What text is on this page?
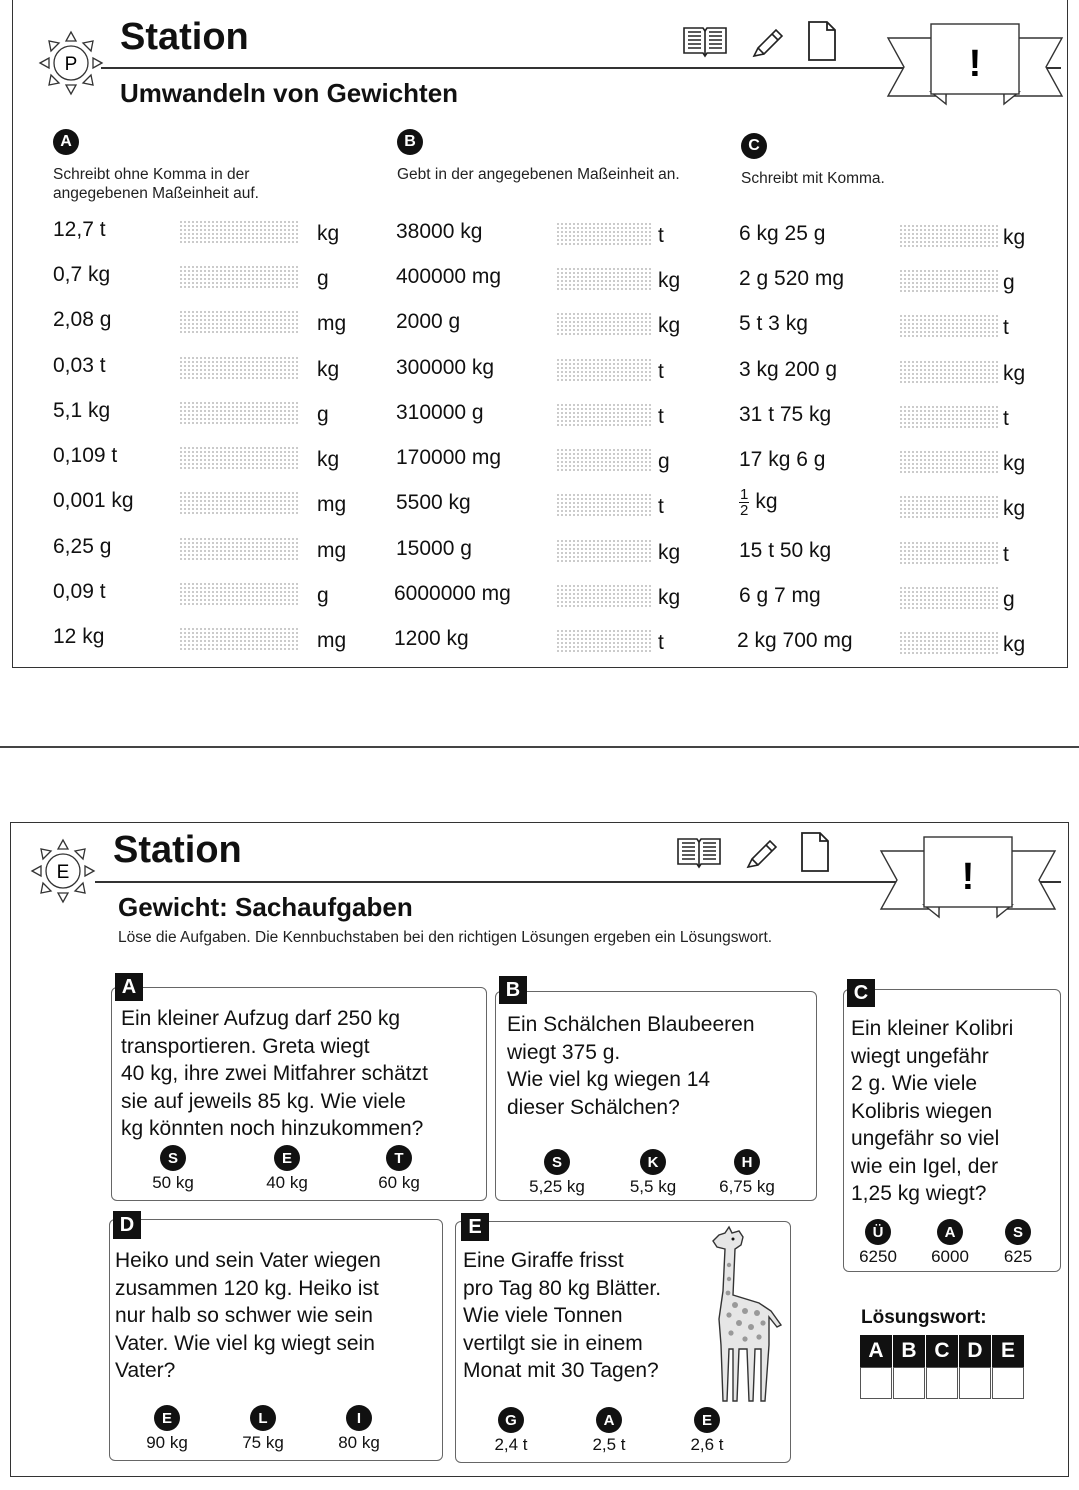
P
Station
Umwandeln von Gewichten
!
A
Schreibt ohne Komma in der
angegebenen Maßeinheit auf.
B
Gebt in der angegebenen Maßeinheit an.
C
Schreibt mit Komma.
12,7 t	kg
0,7 kg	g
2,08 g	mg
0,03 t	kg
5,1 kg	g
0,109 t	kg
0,001 kg	mg
6,25 g	mg
0,09 t	g
12 kg	mg
38000 kg	t
400000 mg	kg
2000 g	kg
300000 kg	t
310000 g	t
170000 mg	g
5500 kg	t
15000 g	kg
6000000 mg	kg
1200 kg	t
6 kg 25 g	kg
2 g 520 mg	g
5 t 3 kg	t
3 kg 200 g	kg
31 t 75 kg	t
17 kg 6 g	kg
$\frac{1}{2}$ kg	kg
15 t 50 kg	t
6 g 7 mg	g
2 kg 700 mg	kg
E
Station
Gewicht: Sachaufgaben
Löse die Aufgaben. Die Kennbuchstaben bei den richtigen Lösungen ergeben ein Lösungswort.
!
A
Ein kleiner Aufzug darf 250 kg
transportieren. Greta wiegt
40 kg, ihre zwei Mitfahrer schätzt
sie auf jeweils 85 kg. Wie viele
kg könnten noch hinzukommen?
S
50 kg
E
40 kg
T
60 kg
B
Ein Schälchen Blaubeeren
wiegt 375 g.
Wie viel kg wiegen 14
dieser Schälchen?
S
5,25 kg
K
5,5 kg
H
6,75 kg
C
Ein kleiner Kolibri
wiegt ungefähr
2 g. Wie viele
Kolibris wiegen
ungefähr so viel
wie ein Igel, der
1,25 kg wiegt?
Ü
6250
A
6000
S
625
D
Heiko und sein Vater wiegen
zusammen 120 kg. Heiko ist
nur halb so schwer wie sein
Vater. Wie viel kg wiegt sein
Vater?
E
90 kg
L
75 kg
I
80 kg
E
Eine Giraffe frisst
pro Tag 80 kg Blätter.
Wie viele Tonnen
vertilgt sie in einem
Monat mit 30 Tagen?
G
2,4 t
A
2,5 t
E
2,6 t
Lösungswort:
A B C D E
